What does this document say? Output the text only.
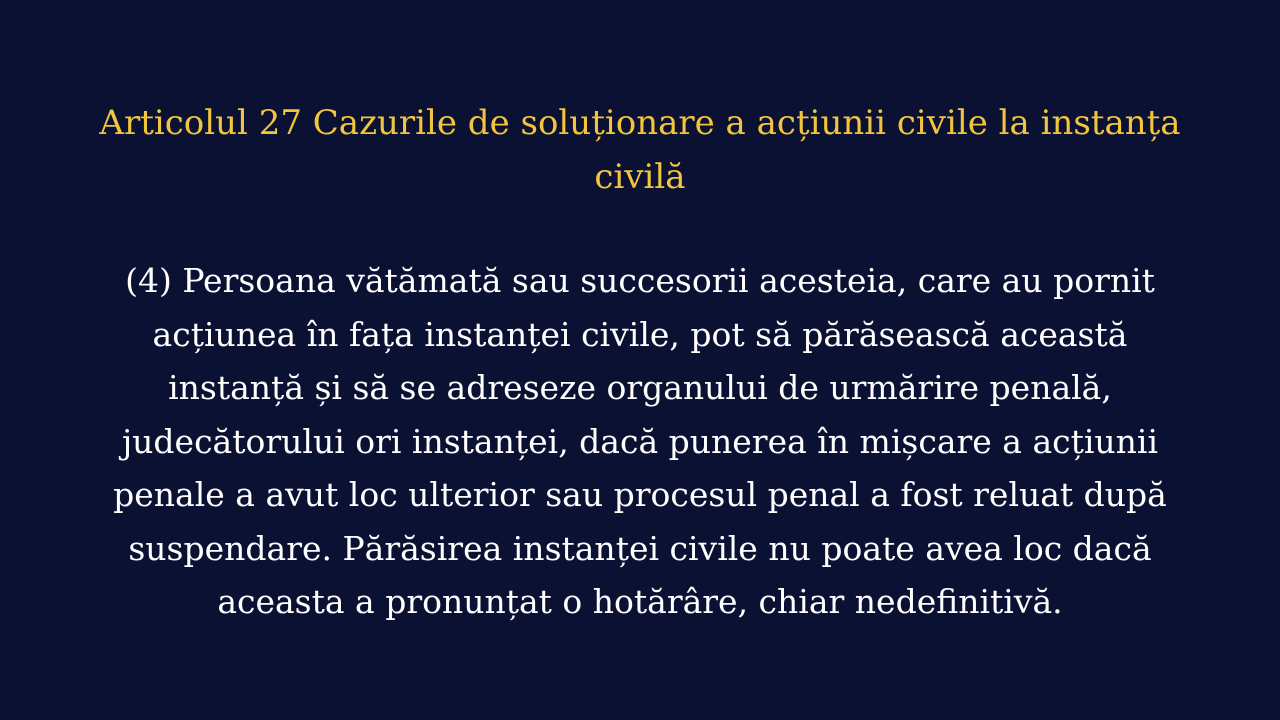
Articolul 27 Cazurile de soluționare a acțiunii civile la instanța
civilă

(4) Persoana vătămată sau succesorii acesteia, care au pornit
acțiunea în fața instanței civile, pot să părăsească această
instanță și să se adreseze organului de urmărire penală,
judecătorului ori instanței, dacă punerea în mișcare a acțiunii
penale a avut loc ulterior sau procesul penal a fost reluat după
suspendare. Părăsirea instanței civile nu poate avea loc dacă
aceasta a pronunțat o hotărâre, chiar nedefinitivă.
